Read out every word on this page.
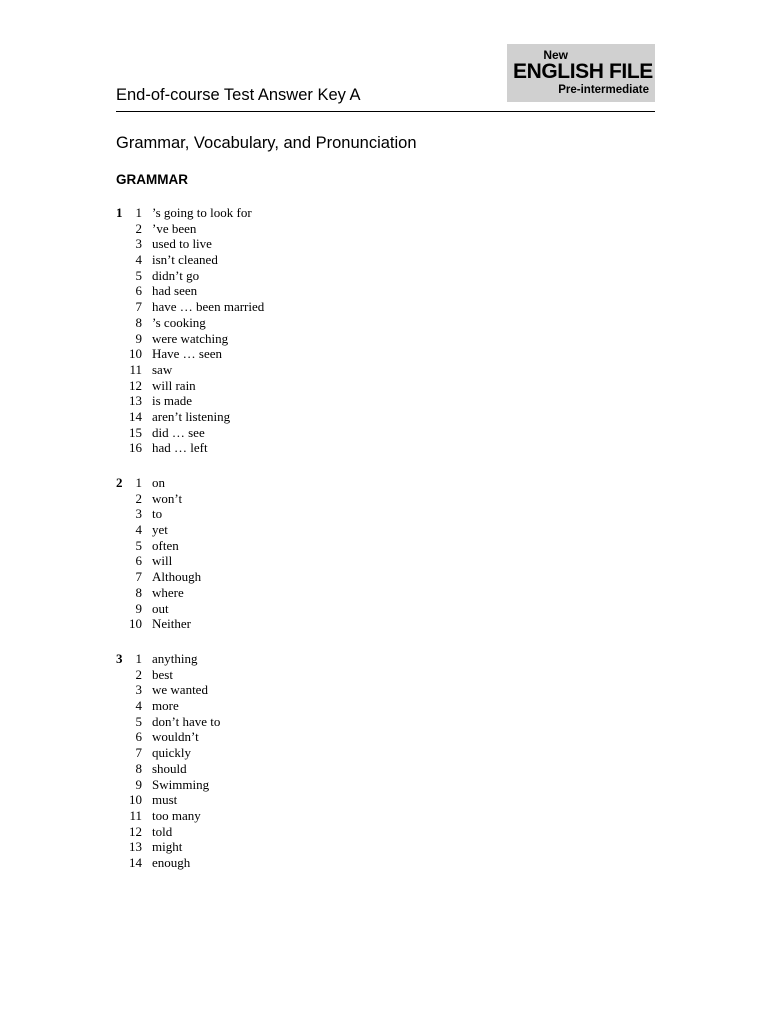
New
ENGLISH FILE
Pre-intermediate
End-of-course Test Answer Key A
Grammar, Vocabulary, and Pronunciation
GRAMMAR
1	1 ’s going to look for
2 ’ve been
3 used to live
4 isn’t cleaned
5 didn’t go
6 had seen
7 have … been married
8 ’s cooking
9 were watching
10 Have … seen
11 saw
12 will rain
13 is made
14 aren’t listening
15 did … see
16 had … left
2	1 on
2 won’t
3 to
4 yet
5 often
6 will
7 Although
8 where
9 out
10 Neither
3	1 anything
2 best
3 we wanted
4 more
5 don’t have to
6 wouldn’t
7 quickly
8 should
9 Swimming
10 must
11 too many
12 told
13 might
14 enough
